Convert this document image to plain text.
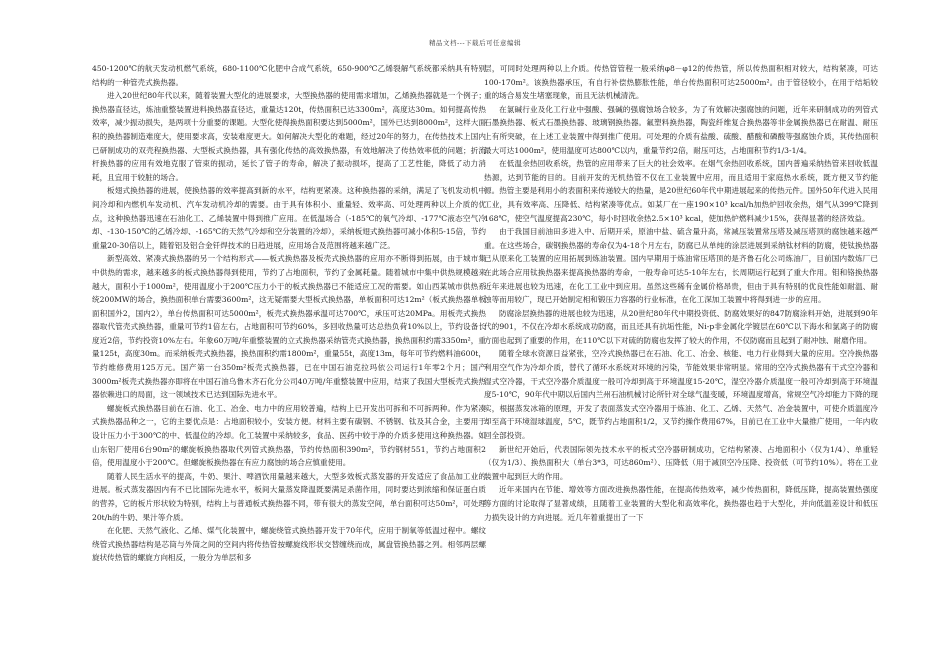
精品文档---下载后可任意编辑

450-1200℃的航天发动机燃气系统，680-1100℃化肥中合成气系统，650-900℃乙烯裂解气系统都采纳具有特别结构的一种管壳式换热器。

进入20世纪80年代以来，随着装置大型化的进展要求，大型换热器的使用需求增加，乙烯换热器就是一个例子；换热器直径达，炼油重整装置进料换热器直径达，重量达120t，传热面积已达3300m²，高度达30m。如何提高传热效率，减少振动损失，是两项十分重要的课题。大型化使得换热面积要达到5000m²，国外已达到8000m²，这样大面积的换热器制造难度大，使用要求高，安装难度更大。如何解决大型化的难题，经过20年的努力，在传热技术上国内已研制成功的双壳程换热器、大型板式换热器，具有强化传热的高效换热器，有效地解决了传热效率低的问题；折流杆换热器的应用有效地克服了管束的振动，延长了管子的寿命，解决了振动损坏，提高了工艺性能，降低了动力消耗，且宜用于较脏的场合。

板翅式换热器的进展，使换热器的效率提高到新的水平，结构更紧凑。这种换热器的采纳，满足了飞机发动机中间冷却和内燃机车发动机、汽车发动机冷却的需要。由于具有体积小、重量轻、效率高、可处理两种以上介质的优点，这种换热器迅速在石油化工、乙烯装置中得到推广应用。在低温场合（-185℃的氧气冷却、-177℃液态空气冷却、-130-150℃的乙烯冷却、-165℃的天然气冷却和空分装置的冷却），采纳板翅式换热器可减小体积5-15倍，节约重量20-30倍以上，随着铝及铝合金钎焊技术的日趋进展，应用场合及范围将越来越广泛。

新型高效、紧凑式换热器的另一个结构形式——板式换热器及板壳式换热器的应用亦不断得到拓展，由于城市集中供热的需求，越来越多的板式换热器得到使用，节约了占地面积，节约了金属耗量。随着城市中集中供热规模越来越大，面积小于1000m²，使用温度小于200℃压力小于的板式换热器已不能适应工况的需要。如山西某城市供热系统200MW的场合，换热面积单台需要3600m²，这无疑需要大型板式换热器，单板面积可达12m²（板式换热器单板面积国外2，国内2），单台传热面积可达5000m²，板壳式换热器承温可达700℃，承压可达20MPa。用板壳式换热器取代管壳式换热器，重量可节约1倍左右，占地面积可节约60%，多回收热量可达总热负荷10%以上，节约设备长度近2倍，节约投资10%左右。年象60万吨/年重整装置的立式换热器采纳管壳式换热器，换热面积约需3350m²，重量125t，高度30m。而采纳板壳式换热器，换热面积约需1800m²，重量55t，高度13m，每年可节约燃料油600t，节约维修费用125万元。国产第一台350m²板壳式换热器，已在中国石油克拉玛依公司运行1年零2个月；国产3000m²板壳式换热器亦即将在中国石油乌鲁木齐石化分公司40万吨/年重整装置中应用，结束了我国大型板壳式换热器依赖进口的局面，这一领域技术已达到国际先进水平。

螺旋板式换热器目前在石油、化工、冶金、电力中的应用较普遍，结构上已开发出可拆和不可拆两种。作为紧凑式换热器品种之一，它的主要优点是：占地面积较小，安装方便。材料主要有碳钢、不锈钢、钛及其合金，主要用于设计压力小于300℃的中、低温位的冷却。化工装置中采纳较多，食品、医药中较于净的介质多使用这种换热器。如山东铝厂使用6台90m²的螺旋板换热器取代列管式换热器，节约传热面积390m²，节约钢材551，节约占地面积2倍，使用温度小于200℃。但螺旋板换热器在有应力腐蚀的场合应慎重使用。

随着人民生活水平的提高，牛奶、果汁、啤酒饮用量越来越大，大型多效板式蒸发器的开发适应了食品加工业的进展。板式蒸发器因内有不已比国际先进水平，板间大量蒸发降温既要满足杀菌作用，同时要达到浓缩和保证蛋白质的营养，它的板片形状较为特别，结构上与普通板式换热器不同，带有很大的蒸发空间，单台面积可达50m²，可处理20t/h的牛奶、果汁等介质。

在化肥、天然气液化、乙烯、煤气化装置中，螺旋绕管式换热器开发于70年代，应用于制氧等低温过程中。螺纹绕管式换热器结构是芯筒与外筒之间的空间内将传热管按螺旋线形状交替缠绕而成，属盘管换热器之列。相邻两层螺旋状传热管的螺旋方向相反，一般分为单层和多

层，可同时处理两种以上介质。传热管管程一般采纳φ8－φ12的传热管，所以传热面积相对较大，结构紧凑，可达100-170m²。该换热器承压，有自行补偿热膨胀性能，单台传热面积可达25000m²。由于管径较小，在用于结垢较重的场合易发生堵塞现象，而且无法机械清洗。

在氯碱行业及化工行业中强酸、强碱的强腐蚀场合较多，为了有效解决强腐蚀的问题，近年来研制成功的列管式石墨换热器、板式石墨换热器、玻璃钢换热器。氟塑料换热器，陶瓷纤维复合换热器等非金属换热器已在耐温、耐压上有所突破，在上述工业装置中得到推广使用。可处理的介质有盐酸、硫酸、醋酸和磷酸等强腐蚀介质，其传热面积最大可达1000m²，使用温度可达800℃以内，重量节约2倍，耐压可达，占地面积节约1/3-1/4。

在低温余热回收系统，热管的应用带来了巨大的社会效率。在烟气余热回收系统，国内普遍采纳热管来回收低温热源，达到节能的目的。目前开发的无机热管不仅在工业装置中应用，而且适用于家庭热水系统，既方便又节约能源。热管主要是利用小的表面积来传递较大的热量，是20世纪60年代中期进展起来的传热元件。国外50年代进入民用工业，具有效率高、压降低、结构紧凑等优点。如某厂在一座190×10³ kcal/h加热炉回收余热，烟气从399℃降到168℃，使空气温度提高230℃，每小时回收余热2.5×10³ kcal，使加热炉燃料减少15%，获得显著的经济效益。

由于我国目前油田多进入中、后期开采，原油中盐、硫含量升高，常减压装置常压塔及减压塔顶的腐蚀越来越严重。在这些场合，碳钢换热器的寿命仅为4-18个月左右，防腐已从单纯的涂层进展到采纳钛材料的防腐，使钛换热器已从原来化工装置的应用拓展到炼油装置。国内早期用于炼油常压塔顶的是齐鲁石化公司炼油厂，目前国内数炼厂已在此场合应用钛换热器来提高换热器的寿命，一般寿命可达5-10年左右，长周期运行起到了重大作用。钼和铬换热器近年来进展也较为迅速，在化工工业中到应用。虽然这些稀有金属价格昂贵，但由于具有特别的优良性能如耐温、耐蚀等而用较广，现已开始制定相和锻压力容器的行业标准，在化工深加工装置中将得到进一步的应用。

防腐涂层换热器的进展也较为迅速，从20世纪80年代中期投资低、防腐效果好的847防腐涂料开始，进展到90年代的901，不仅在冷却水系统成功防腐，而且还具有抗垢性能，Ni-p非金属化学镀层在60℃以下海水和氯离子的防腐方面也起到了重要的作用，在110℃以下对硫的防腐也发挥了较大的作用，不仅防腐而且起到了耐冲蚀、耐磨作用。

随着全球水资源日益紧张，空冷式换热器已在石油、化工、冶金、核能、电力行业得到大量的应用。空冷换热器利用空气作为冷却介质，替代了循环水系统对环境的污染，节能效果非常明显。常用的空冷式换热器有干式空冷器和湿式空冷器，干式空冷器介质温度一般可冷却到高于环境温度15-20℃，湿空冷器介质温度一般可冷却到高于环境温度5-10℃，90年代中期以后国内兰州石油机械讨论所针对全球气温变暖，环境温度增高，常规空气冷却能力下降的现实，根据蒸发冰箱的原理，开发了表面蒸发式空冷器用于炼油、化工、乙烯、天然气、冶金装置中，可使介质温度冷却至高于环境湿球温度，5℃，既节约占地面积1/2，又节约操作费用67%，目前已在工业中大量推广使用，一年内收回全部投资。

新世纪开始后，代表国际领先技术水平的板式空冷器研制成功，它结构紧凑、占地面积小（仅为1/4）、单重轻（仅为1/3）、换热面积大（单台3*3，可达860m²）、压降低（用于减顶空冷压降、投资低（可节约10%）。将在工业装置中起到巨大的作用。

近年来国内在节能、增效等方面改进换热器性能，在提高传热效率，减少传热面积，降低压降，提高装置热强度等方面的讨论取得了显著成绩，且随着工业装置的大型化和高效率化，换热器也趋于大型化，并向低温差设计和低压力损失设计的方向进展。近几年着重提出了一下
